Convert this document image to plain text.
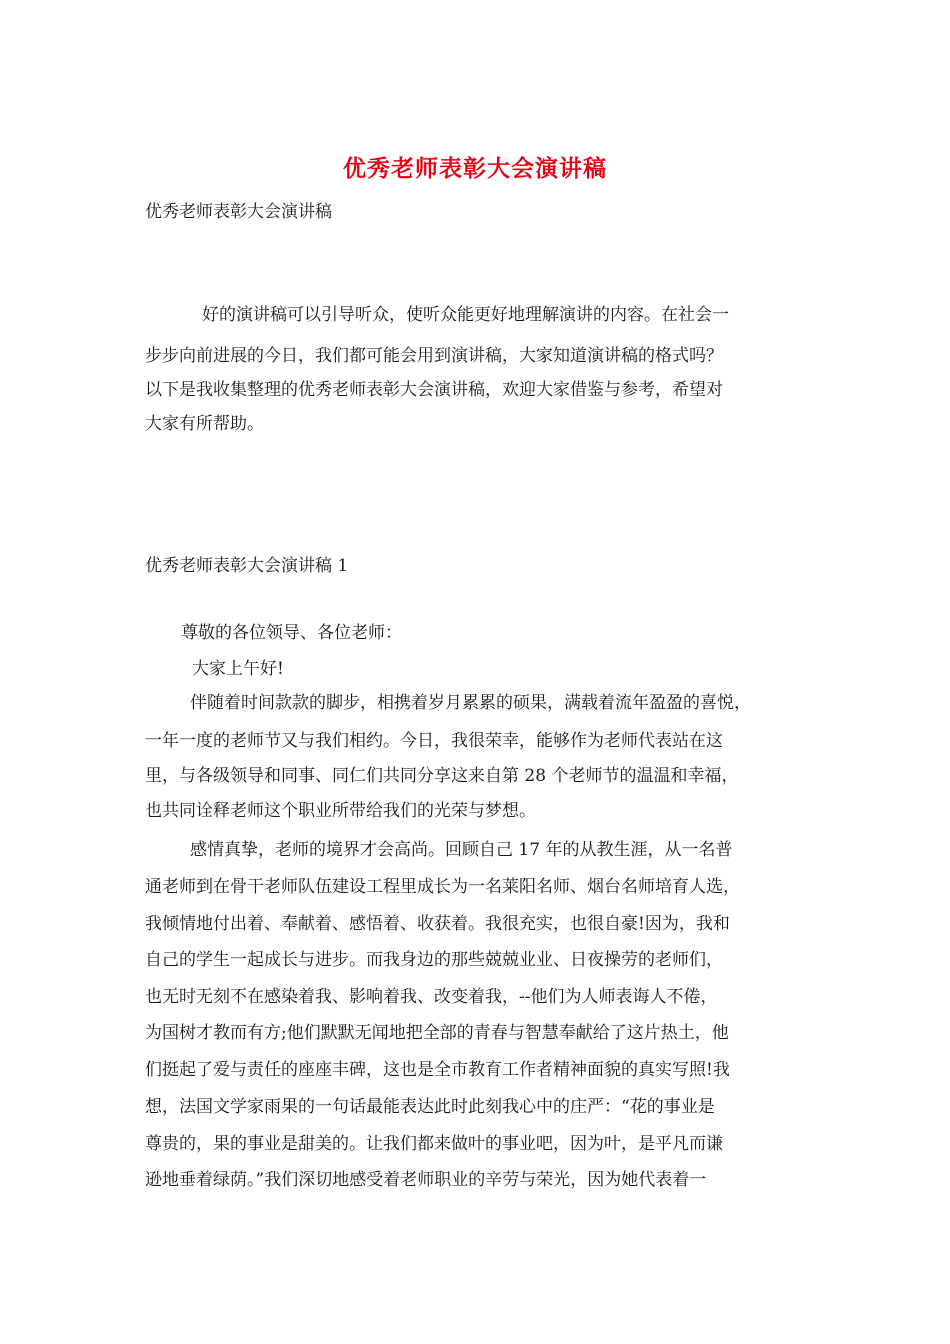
优秀老师表彰大会演讲稿
优秀老师表彰大会演讲稿
好的演讲稿可以引导听众，使听众能更好地理解演讲的内容。在社会一
步步向前进展的今日，我们都可能会用到演讲稿，大家知道演讲稿的格式吗？
以下是我收集整理的优秀老师表彰大会演讲稿，欢迎大家借鉴与参考，希望对
大家有所帮助。
优秀老师表彰大会演讲稿 1
尊敬的各位领导、各位老师：
大家上午好!
伴随着时间款款的脚步，相携着岁月累累的硕果，满载着流年盈盈的喜悦，
一年一度的老师节又与我们相约。今日，我很荣幸，能够作为老师代表站在这
里，与各级领导和同事、同仁们共同分享这来自第 28 个老师节的温温和幸福，
也共同诠释老师这个职业所带给我们的光荣与梦想。
感情真挚，老师的境界才会高尚。回顾自己 17 年的从教生涯，从一名普
通老师到在骨干老师队伍建设工程里成长为一名莱阳名师、烟台名师培育人选，
我倾情地付出着、奉献着、感悟着、收获着。我很充实，也很自豪!因为，我和
自己的学生一起成长与进步。而我身边的那些兢兢业业、日夜操劳的老师们，
也无时无刻不在感染着我、影响着我、改变着我，--他们为人师表诲人不倦，
为国树才教而有方;他们默默无闻地把全部的青春与智慧奉献给了这片热土，他
们挺起了爱与责任的座座丰碑，这也是全市教育工作者精神面貌的真实写照!我
想，法国文学家雨果的一句话最能表达此时此刻我心中的庄严：“花的事业是
尊贵的，果的事业是甜美的。让我们都来做叶的事业吧，因为叶，是平凡而谦
逊地垂着绿荫。”我们深切地感受着老师职业的辛劳与荣光，因为她代表着一
